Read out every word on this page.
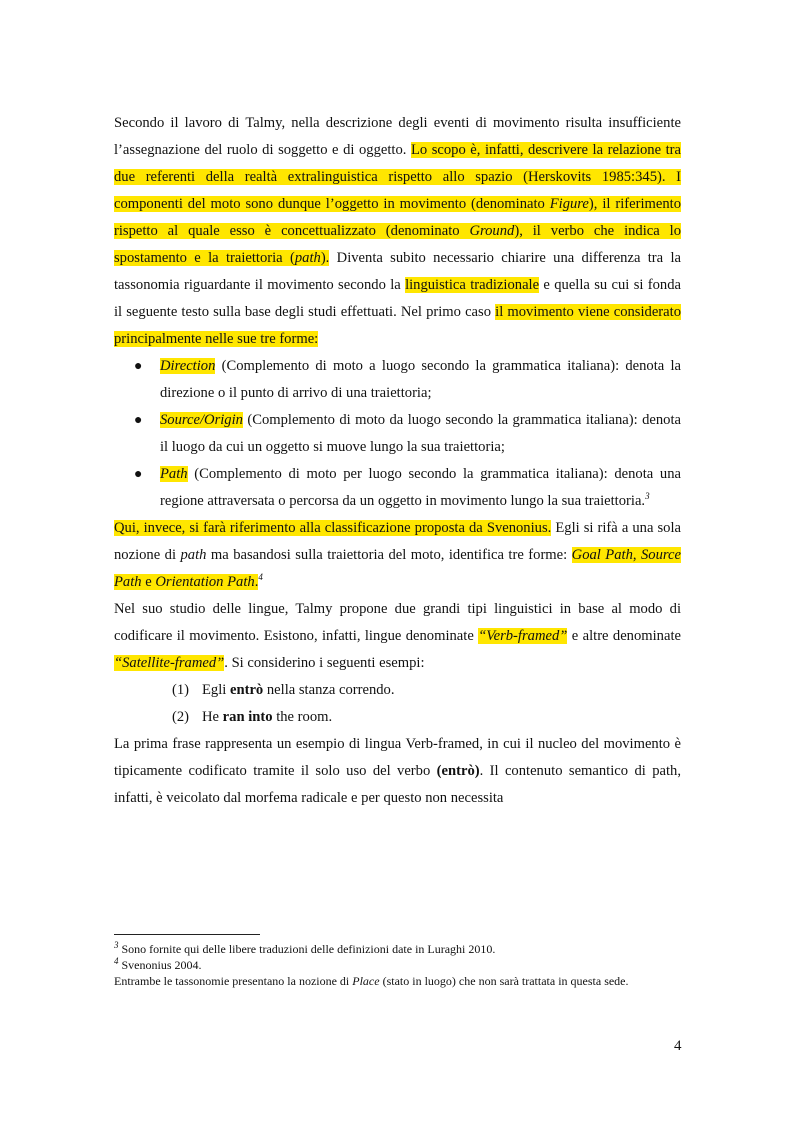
Secondo il lavoro di Talmy, nella descrizione degli eventi di movimento risulta insufficiente l’assegnazione del ruolo di soggetto e di oggetto. Lo scopo è, infatti, descrivere la relazione tra due referenti della realtà extralinguistica rispetto allo spazio (Herskovits 1985:345). I componenti del moto sono dunque l’oggetto in movimento (denominato Figure), il riferimento rispetto al quale esso è concettualizzato (denominato Ground), il verbo che indica lo spostamento e la traiettoria (path). Diventa subito necessario chiarire una differenza tra la tassonomia riguardante il movimento secondo la linguistica tradizionale e quella su cui si fonda il seguente testo sulla base degli studi effettuati. Nel primo caso il movimento viene considerato principalmente nelle sue tre forme:

● Direction (Complemento di moto a luogo secondo la grammatica italiana): denota la direzione o il punto di arrivo di una traiettoria;
● Source/Origin (Complemento di moto da luogo secondo la grammatica italiana): denota il luogo da cui un oggetto si muove lungo la sua traiettoria;
● Path (Complemento di moto per luogo secondo la grammatica italiana): denota una regione attraversata o percorsa da un oggetto in movimento lungo la sua traiettoria.$^3$

Qui, invece, si farà riferimento alla classificazione proposta da Svenonius. Egli si rifà a una sola nozione di path ma basandosi sulla traiettoria del moto, identifica tre forme: Goal Path, Source Path e Orientation Path.$^4$

Nel suo studio delle lingue, Talmy propone due grandi tipi linguistici in base al modo di codificare il movimento. Esistono, infatti, lingue denominate “Verb-framed” e altre denominate “Satellite-framed”. Si considerino i seguenti esempi:

(1) Egli entrò nella stanza correndo.
(2) He ran into the room.

La prima frase rappresenta un esempio di lingua Verb-framed, in cui il nucleo del movimento è tipicamente codificato tramite il solo uso del verbo (entrò). Il contenuto semantico di path, infatti, è veicolato dal morfema radicale e per questo non necessita

$^3$ Sono fornite qui delle libere traduzioni delle definizioni date in Luraghi 2010.
$^4$ Svenonius 2004.
Entrambe le tassonomie presentano la nozione di Place (stato in luogo) che non sarà trattata in questa sede.
4
